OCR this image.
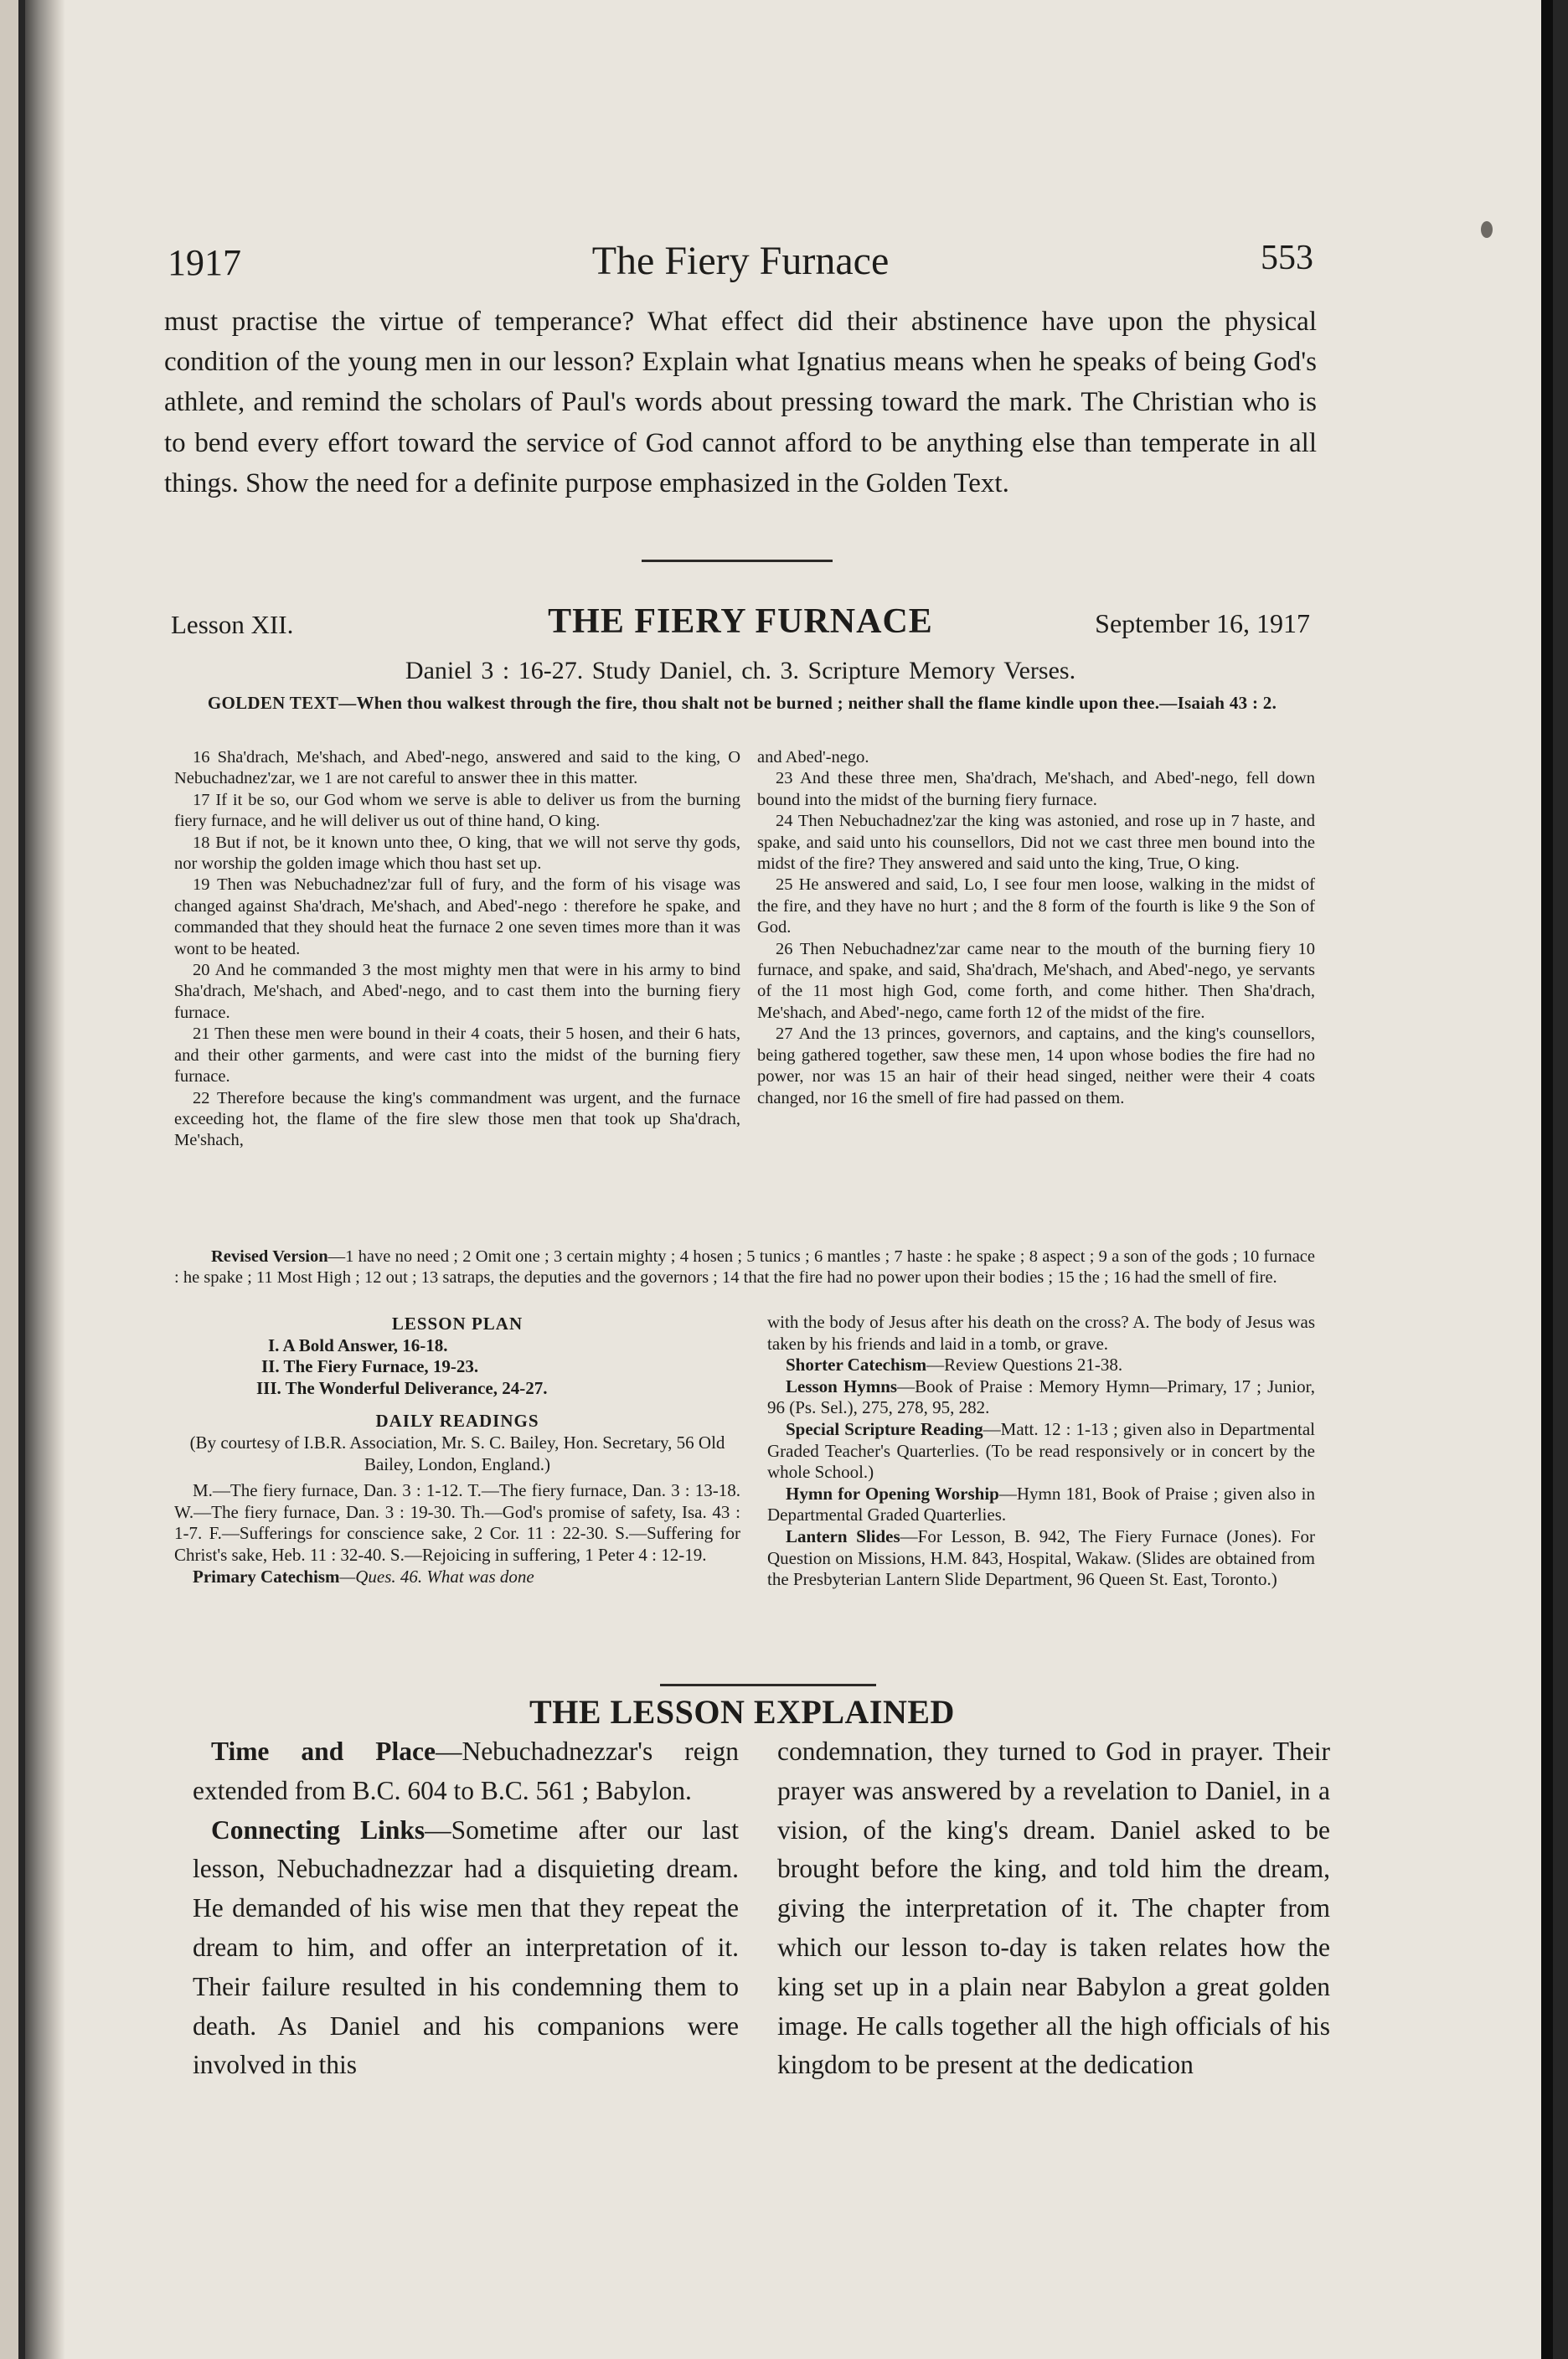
1917	The Fiery Furnace	553

must practise the virtue of temperance? What effect did their abstinence have upon the physical condition of the young men in our lesson? Explain what Ignatius means when he speaks of being God's athlete, and remind the scholars of Paul's words about pressing toward the mark. The Christian who is to bend every effort toward the service of God cannot afford to be anything else than temperate in all things. Show the need for a definite purpose emphasized in the Golden Text.

Lesson XII.	THE FIERY FURNACE	September 16, 1917
Daniel 3 : 16-27. Study Daniel, ch. 3. Scripture Memory Verses.
GOLDEN TEXT—When thou walkest through the fire, thou shalt not be burned ; neither shall the flame kindle upon thee.—Isaiah 43 : 2.

16 Sha'drach, Me'shach, and Abed'-nego, answered and said to the king, O Nebuchadnez'zar, we 1 are not careful to answer thee in this matter.

17 If it be so, our God whom we serve is able to deliver us from the burning fiery furnace, and he will deliver us out of thine hand, O king.

18 But if not, be it known unto thee, O king, that we will not serve thy gods, nor worship the golden image which thou hast set up.

19 Then was Nebuchadnez'zar full of fury, and the form of his visage was changed against Sha'drach, Me'shach, and Abed'-nego : therefore he spake, and commanded that they should heat the furnace 2 one seven times more than it was wont to be heated.

20 And he commanded 3 the most mighty men that were in his army to bind Sha'drach, Me'shach, and Abed'-nego, and to cast them into the burning fiery furnace.

21 Then these men were bound in their 4 coats, their 5 hosen, and their 6 hats, and their other garments, and were cast into the midst of the burning fiery furnace.

22 Therefore because the king's commandment was urgent, and the furnace exceeding hot, the flame of the fire slew those men that took up Sha'drach, Me'shach,

and Abed'-nego.

23 And these three men, Sha'drach, Me'shach, and Abed'-nego, fell down bound into the midst of the burning fiery furnace.

24 Then Nebuchadnez'zar the king was astonied, and rose up in 7 haste, and spake, and said unto his counsellors, Did not we cast three men bound into the midst of the fire? They answered and said unto the king, True, O king.

25 He answered and said, Lo, I see four men loose, walking in the midst of the fire, and they have no hurt ; and the 8 form of the fourth is like 9 the Son of God.

26 Then Nebuchadnez'zar came near to the mouth of the burning fiery 10 furnace, and spake, and said, Sha'drach, Me'shach, and Abed'-nego, ye servants of the 11 most high God, come forth, and come hither. Then Sha'drach, Me'shach, and Abed'-nego, came forth 12 of the midst of the fire.

27 And the 13 princes, governors, and captains, and the king's counsellors, being gathered together, saw these men, 14 upon whose bodies the fire had no power, nor was 15 an hair of their head singed, neither were their 4 coats changed, nor 16 the smell of fire had passed on them.

Revised Version—1 have no need ; 2 Omit one ; 3 certain mighty ; 4 hosen ; 5 tunics ; 6 mantles ; 7 haste : he spake ; 8 aspect ; 9 a son of the gods ; 10 furnace : he spake ; 11 Most High ; 12 out ; 13 satraps, the deputies and the governors ; 14 that the fire had no power upon their bodies ; 15 the ; 16 had the smell of fire.
LESSON PLAN
I. A Bold Answer, 16-18.
II. The Fiery Furnace, 19-23.
III. The Wonderful Deliverance, 24-27.
DAILY READINGS

(By courtesy of I.B.R. Association, Mr. S. C. Bailey, Hon. Secretary, 56 Old Bailey, London, England.)

M.—The fiery furnace, Dan. 3 : 1-12. T.—The fiery furnace, Dan. 3 : 13-18. W.—The fiery furnace, Dan. 3 : 19-30. Th.—God's promise of safety, Isa. 43 : 1-7. F.—Sufferings for conscience sake, 2 Cor. 11 : 22-30. S.—Suffering for Christ's sake, Heb. 11 : 32-40. S.—Rejoicing in suffering, 1 Peter 4 : 12-19.

Primary Catechism—Ques. 46. What was done

with the body of Jesus after his death on the cross? A. The body of Jesus was taken by his friends and laid in a tomb, or grave.

Shorter Catechism—Review Questions 21-38.

Lesson Hymns—Book of Praise : Memory Hymn—Primary, 17 ; Junior, 96 (Ps. Sel.), 275, 278, 95, 282.

Special Scripture Reading—Matt. 12 : 1-13 ; given also in Departmental Graded Teacher's Quarterlies. (To be read responsively or in concert by the whole School.)

Hymn for Opening Worship—Hymn 181, Book of Praise ; given also in Departmental Graded Quarterlies.

Lantern Slides—For Lesson, B. 942, The Fiery Furnace (Jones). For Question on Missions, H.M. 843, Hospital, Wakaw. (Slides are obtained from the Presbyterian Lantern Slide Department, 96 Queen St. East, Toronto.)

THE LESSON EXPLAINED

Time and Place—Nebuchadnezzar's reign extended from B.C. 604 to B.C. 561 ; Babylon.

Connecting Links—Sometime after our last lesson, Nebuchadnezzar had a disquieting dream. He demanded of his wise men that they repeat the dream to him, and offer an interpretation of it. Their failure resulted in his condemning them to death. As Daniel and his companions were involved in this

condemnation, they turned to God in prayer. Their prayer was answered by a revelation to Daniel, in a vision, of the king's dream. Daniel asked to be brought before the king, and told him the dream, giving the interpretation of it. The chapter from which our lesson to-day is taken relates how the king set up in a plain near Babylon a great golden image. He calls together all the high officials of his kingdom to be present at the dedication
